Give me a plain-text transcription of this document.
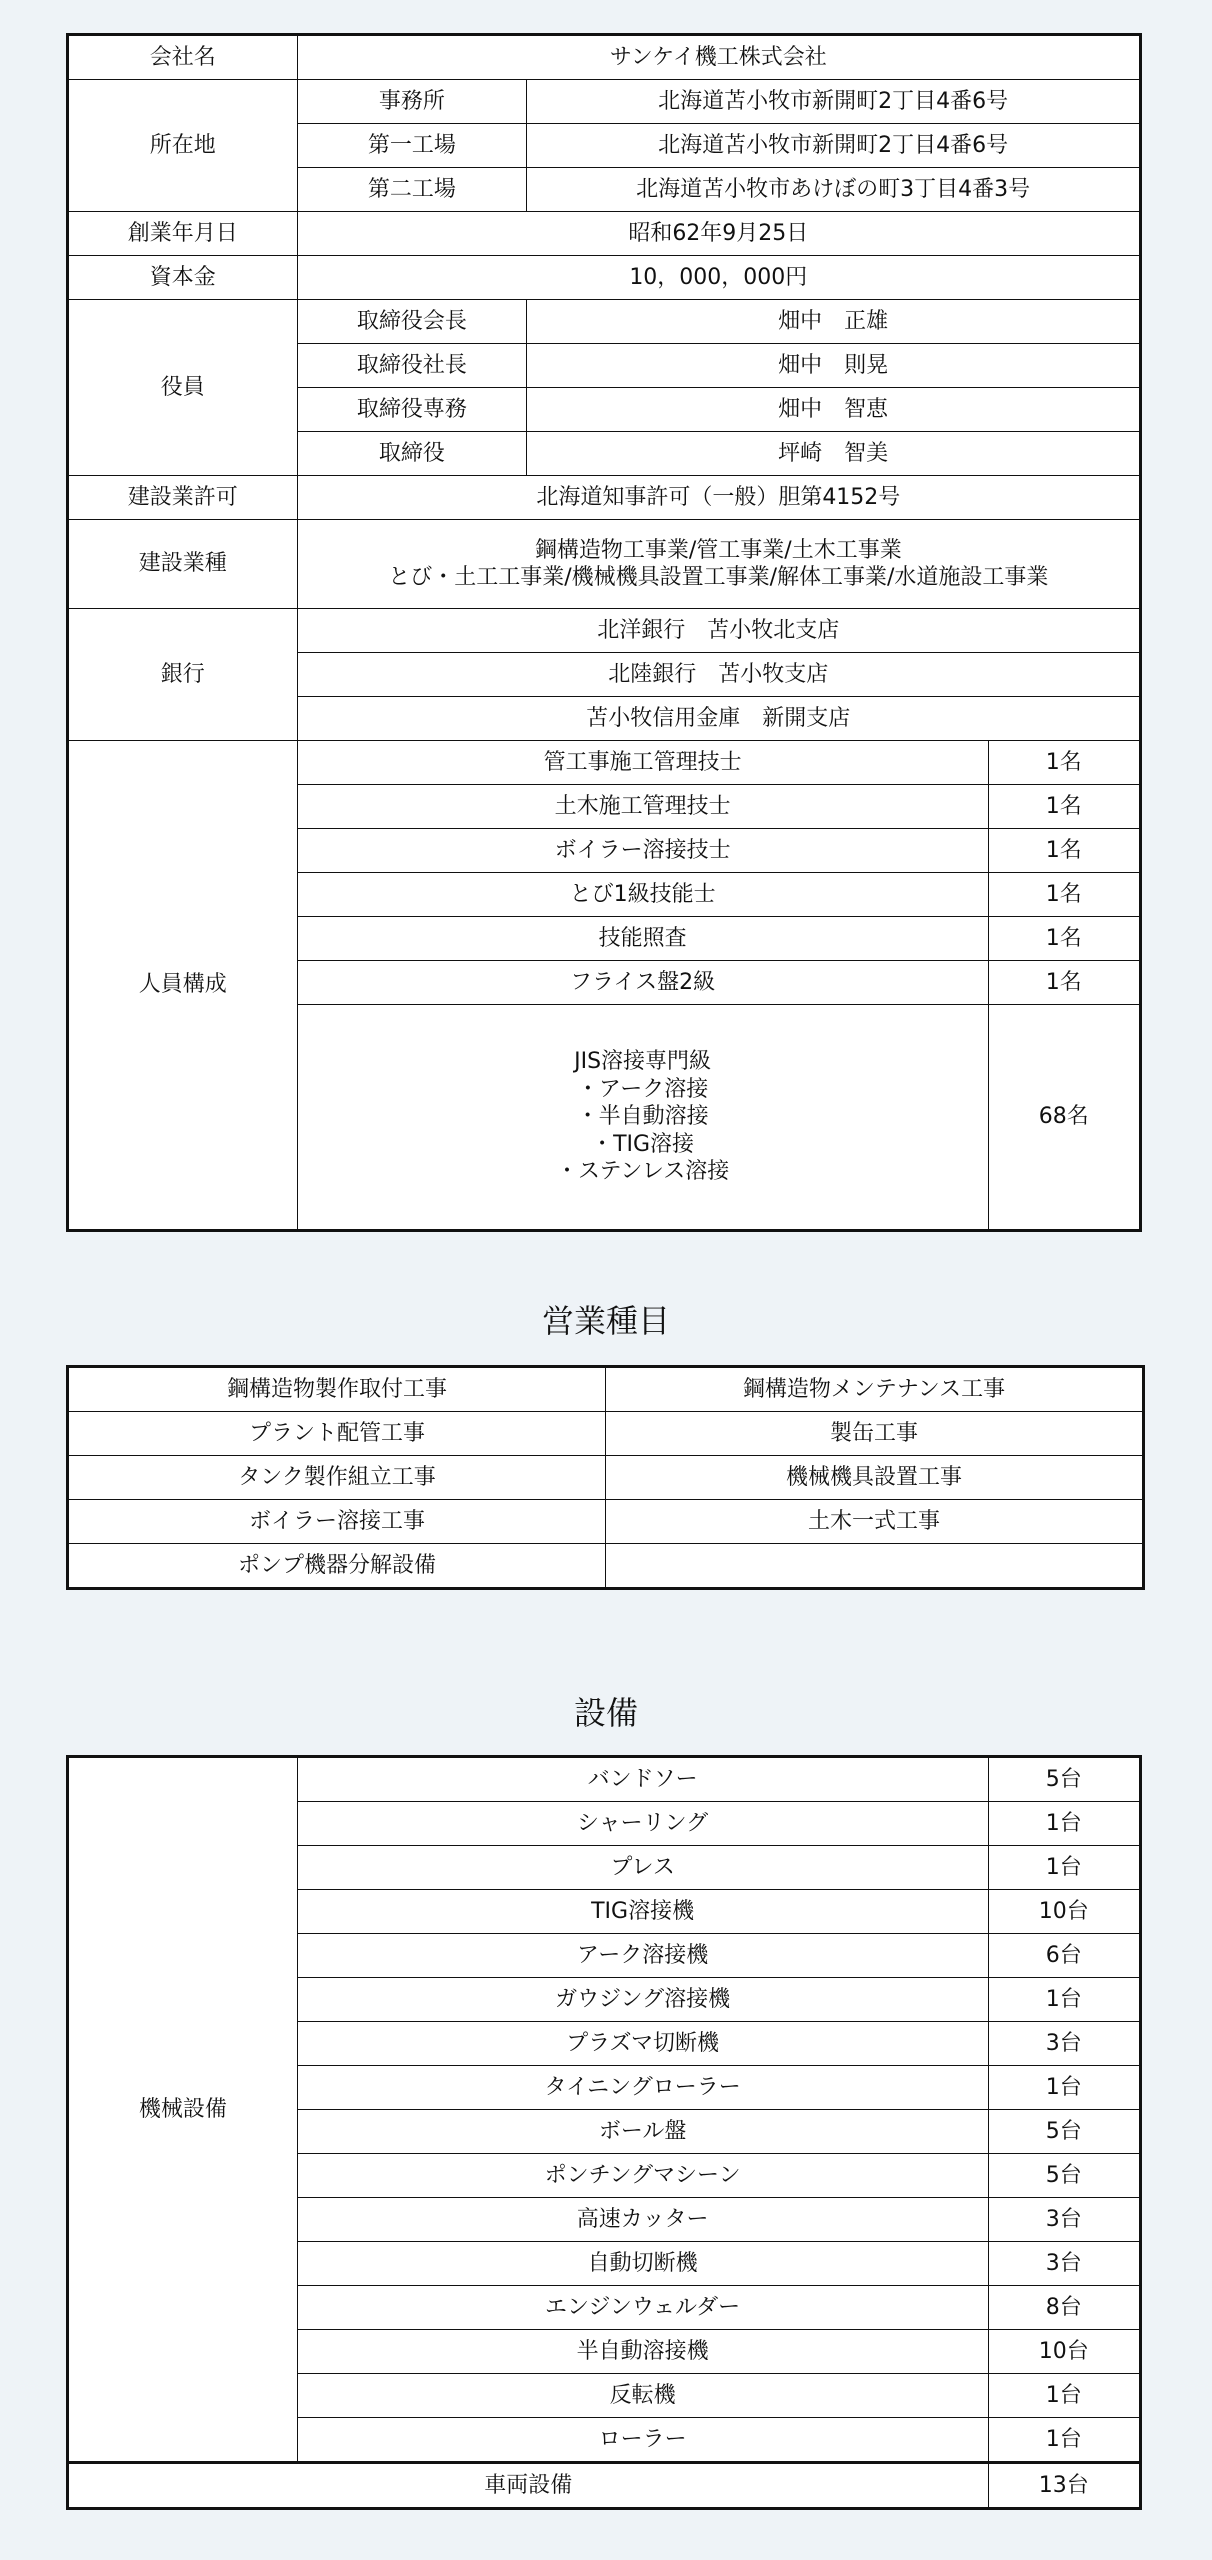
会社名	サンケイ機工株式会社		
所在地	事務所	北海道苫小牧市新開町2丁目4番6号	
	第一工場	北海道苫小牧市新開町2丁目4番6号	
	第二工場	北海道苫小牧市あけぼの町3丁目4番3号	
創業年月日	昭和62年9月25日		
資本金	10，000，000円		
役員	取締役会長	畑中　正雄	
	取締役社長	畑中　則晃	
	取締役専務	畑中　智恵	
	取締役	坪崎　智美	
建設業許可	北海道知事許可（一般）胆第4152号		
建設業種	鋼構造物工事業/管工事業/土木工事業
とび・土工工事業/機械機具設置工事業/解体工事業/水道施設工事業		

銀行	北洋銀行　苫小牧北支店		
	北陸銀行　苫小牧支店		
	苫小牧信用金庫　新開支店		
人員構成	管工事施工管理技士		1名
	土木施工管理技士		1名
	ボイラー溶接技士		1名
	とび1級技能士		1名
	技能照査		1名
	フライス盤2級		1名

	JIS溶接専門級
・アーク溶接
・半自動溶接
・TIG溶接
・ステンレス溶接		68名
営業種目
鋼構造物製作取付工事	鋼構造物メンテナンス工事
プラント配管工事	製缶工事
タンク製作組立工事	機械機具設置工事
ボイラー溶接工事	土木一式工事
ポンプ機器分解設備	
設備
機械設備	バンドソー	5台
	シャーリング	1台
	プレス	1台
	TIG溶接機	10台
	アーク溶接機	6台
	ガウジング溶接機	1台
	プラズマ切断機	3台
	タイニングローラー	1台
	ボール盤	5台
	ポンチングマシーン	5台
	高速カッター	3台
	自動切断機	3台
	エンジンウェルダー	8台
	半自動溶接機	10台
	反転機	1台
	ローラー	1台
車両設備		13台
